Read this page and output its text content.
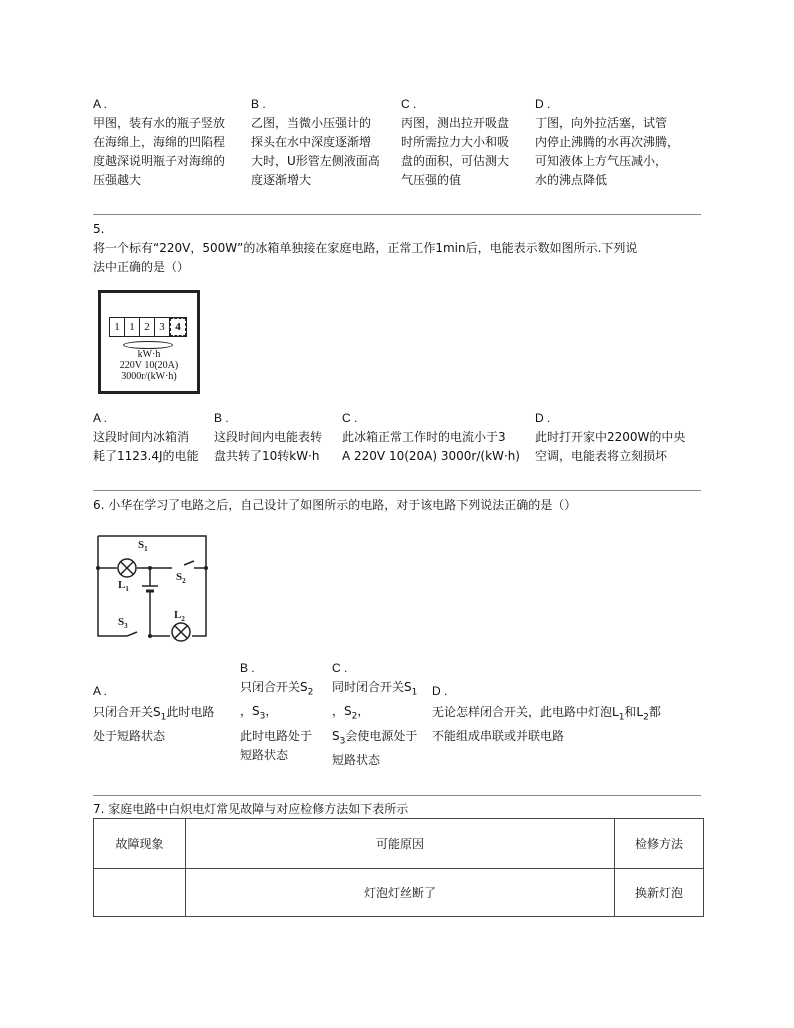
A .
甲图，装有水的瓶子竖放
在海绵上，海绵的凹陷程
度越深说明瓶子对海绵的
压强越大
B .
乙图，当微小压强计的
探头在水中深度逐渐增
大时，U形管左侧液面高
度逐渐增大
C .
丙图，测出拉开吸盘
时所需拉力大小和吸
盘的面积，可估测大
气压强的值
D .
丁图，向外拉活塞，试管
内停止沸腾的水再次沸腾，
可知液体上方气压减小，
水的沸点降低
5.
将一个标有“220V，500W”的冰箱单独接在家庭电路，正常工作1min后，电能表示数如图所示.下列说
法中正确的是（）
1 1 2 3 4
kW·h
220V 10(20A)
3000r/(kW·h)
A .
这段时间内冰箱消
耗了1123.4J的电能
B .
这段时间内电能表转
盘共转了10转kW·h
C .
此冰箱正常工作时的电流小于3
A 220V 10(20A) 3000r/(kW·h)
D .
此时打开家中2200W的中央
空调，电能表将立刻损坏
6. 小华在学习了电路之后，自己设计了如图所示的电路，对于该电路下列说法正确的是（）
$S_1$
$S_2$
$L_1$
$L_2$
$S_3$
A .
只闭合开关$S_1$此时电路
处于短路状态
B .
只闭合开关$S_2$
，$S_3$，
此时电路处于
短路状态
C .
同时闭合开关$S_1$
，$S_2$，
$S_3$会使电源处于
短路状态
D .
无论怎样闭合开关，此电路中灯泡$L_1$和$L_2$都
不能组成串联或并联电路
7. 家庭电路中白炽电灯常见故障与对应检修方法如下表所示
故障现象	可能原因	检修方法
	灯泡灯丝断了	换新灯泡
